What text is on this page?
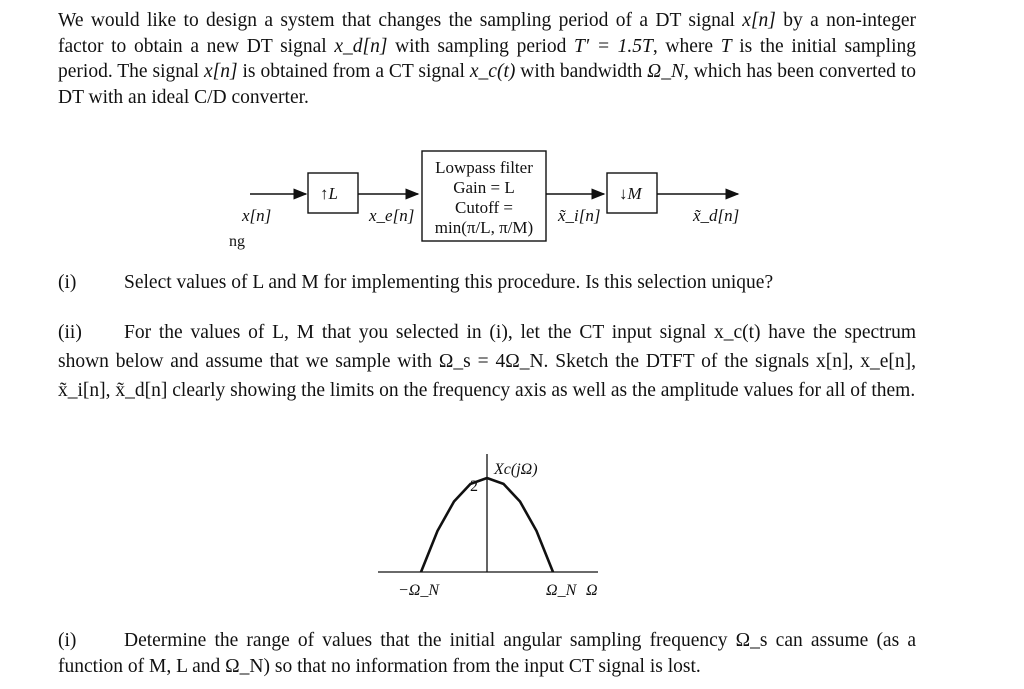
We would like to design a system that changes the sampling period of a DT signal x[n] by a non-integer factor to obtain a new DT signal x_d[n] with sampling period T′ = 1.5T, where T is the initial sampling period. The signal x[n] is obtained from a CT signal x_c(t) with bandwidth Ω_N, which has been converted to DT with an ideal C/D converter.
x[n]
↑L
x_e[n]
Lowpass filter
Gain = L
Cutoff =
min(π/L, π/M)
x̃_i[n]
↓M
x̃_d[n]
ng
(i) Select values of L and M for implementing this procedure. Is this selection unique?
(ii) For the values of L, M that you selected in (i), let the CT input signal x_c(t) have the spectrum shown below and assume that we sample with Ω_s = 4Ω_N. Sketch the DTFT of the signals x[n], x_e[n], x̃_i[n], x̃_d[n] clearly showing the limits on the frequency axis as well as the amplitude values for all of them.
Xc(jΩ)
2
−Ω_N	Ω_N Ω
(i) Determine the range of values that the initial angular sampling frequency Ω_s can assume (as a function of M, L and Ω_N) so that no information from the input CT signal is lost.
